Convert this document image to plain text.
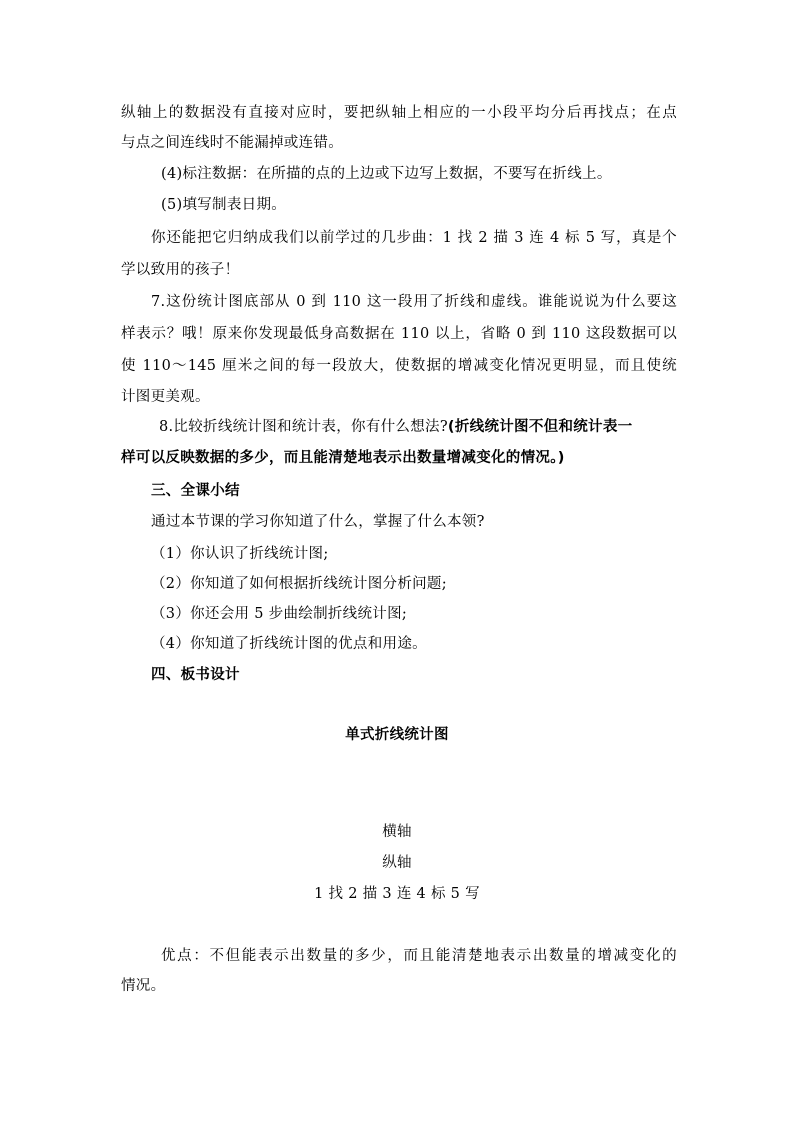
纵轴上的数据没有直接对应时，要把纵轴上相应的一小段平均分后再找点；在点
与点之间连线时不能漏掉或连错。
(4)标注数据：在所描的点的上边或下边写上数据，不要写在折线上。
(5)填写制表日期。
你还能把它归纳成我们以前学过的几步曲：1 找 2 描 3 连 4 标 5 写，真是个
学以致用的孩子！
7.这份统计图底部从 0 到 110 这一段用了折线和虚线。谁能说说为什么要这
样表示？哦！原来你发现最低身高数据在 110 以上，省略 0 到 110 这段数据可以
使 110～145 厘米之间的每一段放大，使数据的增减变化情况更明显，而且使统
计图更美观。
8.比较折线统计图和统计表，你有什么想法?(折线统计图不但和统计表一
样可以反映数据的多少，而且能清楚地表示出数量增减变化的情况。)
三、全课小结
通过本节课的学习你知道了什么，掌握了什么本领?
（1）你认识了折线统计图;
（2）你知道了如何根据折线统计图分析问题;
（3）你还会用 5 步曲绘制折线统计图;
（4）你知道了折线统计图的优点和用途。
四、板书设计
单式折线统计图
横轴
纵轴
1 找 2 描 3 连 4 标 5 写
优点：不但能表示出数量的多少，而且能清楚地表示出数量的增减变化的
情况。
